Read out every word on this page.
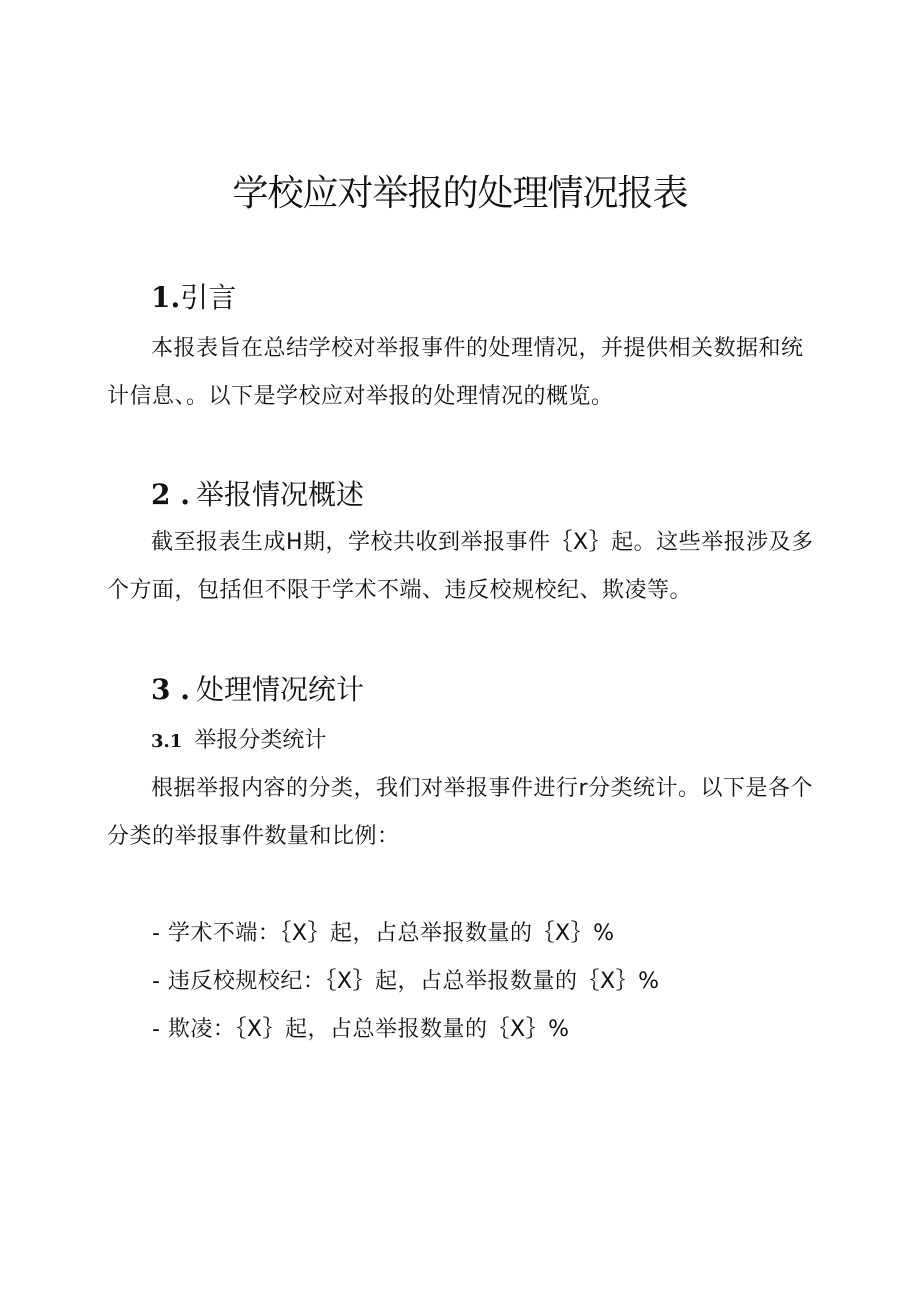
学校应对举报的处理情况报表
1.引言

本报表旨在总结学校对举报事件的处理情况，并提供相关数据和统计信息、。以下是学校应对举报的处理情况的概览。

2 . 举报情况概述

截至报表生成H期，学校共收到举报事件｛X｝起。这些举报涉及多个方面，包括但不限于学术不端、违反校规校纪、欺凌等。

3 . 处理情况统计
3.1 举报分类统计

根据举报内容的分类，我们对举报事件进行r分类统计。以下是各个分类的举报事件数量和比例：

- 学术不端：｛X｝起，占总举报数量的｛X｝%
- 违反校规校纪：｛X｝起，占总举报数量的｛X｝%
- 欺凌：｛X｝起，占总举报数量的｛X｝%
